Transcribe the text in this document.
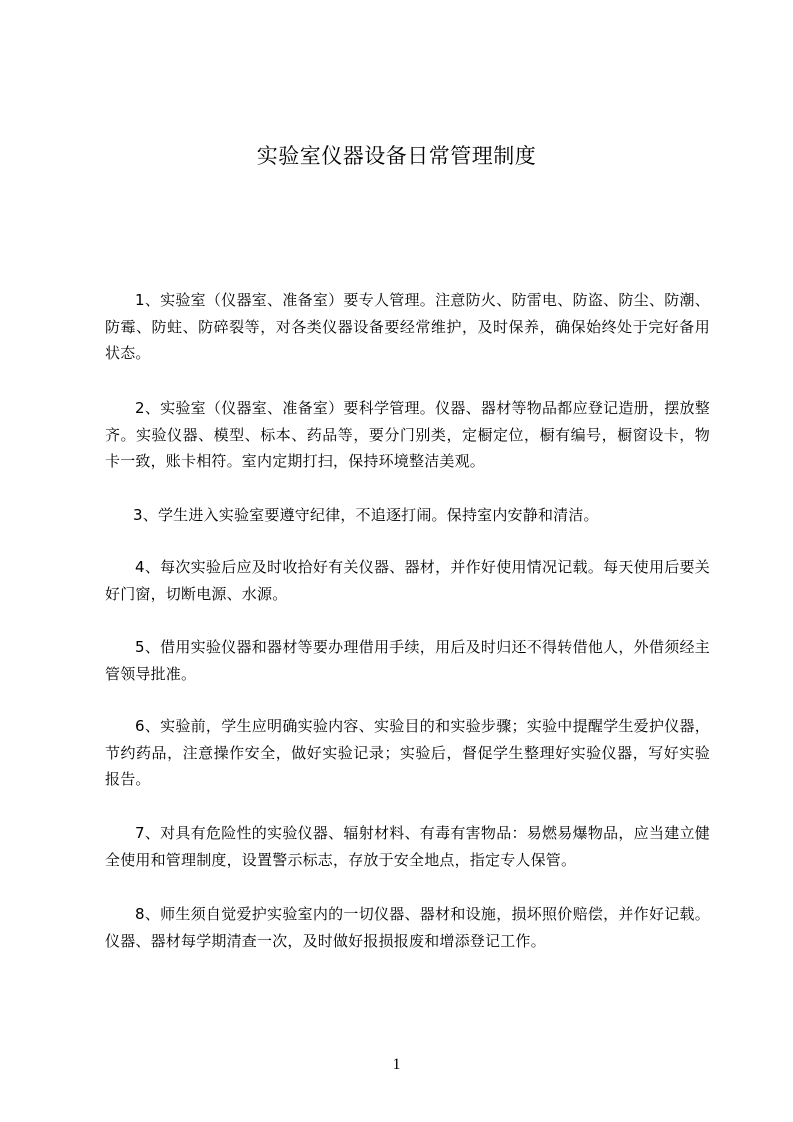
实验室仪器设备日常管理制度

1、实验室（仪器室、准备室）要专人管理。注意防火、防雷电、防盗、防尘、防潮、防霉、防蛀、防碎裂等，对各类仪器设备要经常维护，及时保养，确保始终处于完好备用状态。

2、实验室（仪器室、准备室）要科学管理。仪器、器材等物品都应登记造册，摆放整齐。实验仪器、模型、标本、药品等，要分门别类，定橱定位，橱有编号，橱窗设卡，物卡一致，账卡相符。室内定期打扫，保持环境整洁美观。

3、学生进入实验室要遵守纪律，不追逐打闹。保持室内安静和清洁。

4、每次实验后应及时收拾好有关仪器、器材，并作好使用情况记载。每天使用后要关好门窗，切断电源、水源。

5、借用实验仪器和器材等要办理借用手续，用后及时归还不得转借他人，外借须经主管领导批准。

6、实验前，学生应明确实验内容、实验目的和实验步骤；实验中提醒学生爱护仪器，节约药品，注意操作安全，做好实验记录；实验后，督促学生整理好实验仪器，写好实验报告。

7、对具有危险性的实验仪器、辐射材料、有毒有害物品：易燃易爆物品，应当建立健全使用和管理制度，设置警示标志，存放于安全地点，指定专人保管。

8、师生须自觉爱护实验室内的一切仪器、器材和设施，损坏照价赔偿，并作好记载。仪器、器材每学期清查一次，及时做好报损报废和增添登记工作。

1
